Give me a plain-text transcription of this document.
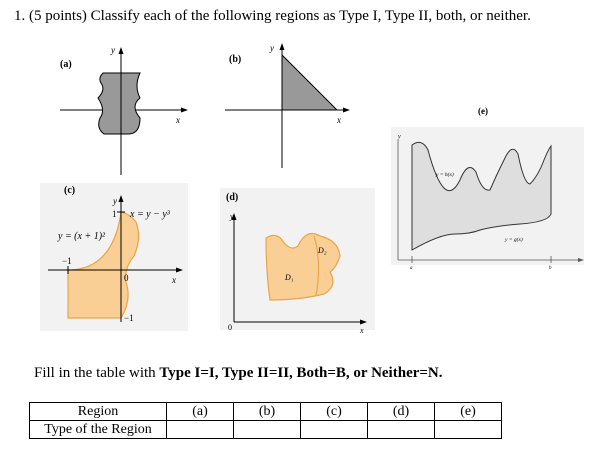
1. (5 points) Classify each of the following regions as Type I, Type II, both, or neither.
(a)
y
x
(b)
y
x
(c)
y
x
1
−1
0
−1
y = (x + 1)²
x = y − y³
(d)
y
x
0
D₁
D₂
(e)
y
y = h(x)
y = g(x)
a	b
Fill in the table with Type I=I, Type II=II, Both=B, or Neither=N.
Region	(a)	(b)	(c)	(d)	(e)
Type of the Region					
